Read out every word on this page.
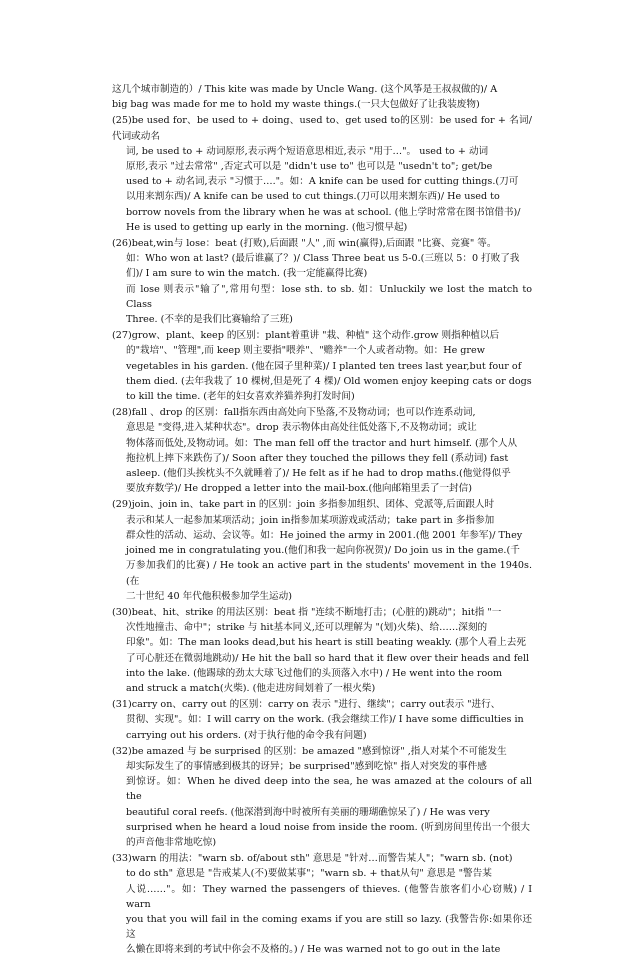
这几个城市制造的）/ This kite was made by Uncle Wang. (这个风筝是王叔叔做的)/ A
big bag was made for me to hold my waste things.(一只大包做好了让我装废物)
(25)be used for、be used to + doing、used to、get used to的区别：be used for + 名词/代词或动名
词, be used to + 动词原形,表示两个短语意思相近,表示 "用于…"。 used to + 动词
原形,表示 "过去常常" ,否定式可以是 "didn't use to" 也可以是 "usedn't to"; get/be
used to + 动名词,表示 "习惯于…."。如：A knife can be used for cutting things.(刀可
以用来割东西)/ A knife can be used to cut things.(刀可以用来割东西)/ He used to
borrow novels from the library when he was at school. (他上学时常常在图书馆借书)/
He is used to getting up early in the morning. (他习惯早起)
(26)beat,win与 lose：beat (打败),后面跟 "人" ,而 win(赢得),后面跟 "比赛、竞赛" 等。
如：Who won at last? (最后谁赢了？)/ Class Three beat us 5-0.(三班以 5：0 打败了我
们)/ I am sure to win the match. (我一定能赢得比赛)
而 lose 则表示"输了",常用句型：lose sth. to sb. 如：Unluckily we lost the match to Class
Three. (不幸的是我们比赛输给了三班)
(27)grow、plant、keep 的区别：plant着重讲 "栽、种植" 这个动作.grow 则指种植以后
的"栽培"、"管理",而 keep 则主要指"喂养"、"赡养"一个人或者动物。如：He grew
vegetables in his garden. (他在园子里种菜)/ I planted ten trees last year,but four of
them died. (去年我栽了 10 棵树,但是死了 4 棵)/ Old women enjoy keeping cats or dogs
to kill the time. (老年的妇女喜欢养猫养狗打发时间)
(28)fall 、drop 的区别：fall指东西由高处向下坠落,不及物动词；也可以作连系动词,
意思是 "变得,进入某种状态"。drop 表示物体由高处往低处落下,不及物动词；或让
物体落而低处,及物动词。如：The man fell off the tractor and hurt himself. (那个人从
拖拉机上摔下来跌伤了)/ Soon after they touched the pillows they fell (系动词) fast
asleep. (他们头挨枕头不久就睡着了)/ He felt as if he had to drop maths.(他觉得似乎
要放弃数学)/ He dropped a letter into the mail-box.(他向邮箱里丢了一封信)
(29)join、join in、take part in 的区别：join 多指参加组织、团体、党派等,后面跟人时
表示和某人一起参加某项活动；join in指参加某项游戏或活动；take part in 多指参加
群众性的活动、运动、会议等。如：He joined the army in 2001.(他 2001 年参军)/ They
joined me in congratulating you.(他们和我一起向你祝贺)/ Do join us in the game.(千
万参加我们的比赛) / He took an active part in the students' movement in the 1940s.(在
二十世纪 40 年代他积极参加学生运动)
(30)beat、hit、strike 的用法区别：beat 指 "连续不断地打击；(心脏的)跳动"；hit指 "一
次性地撞击、命中"；strike 与 hit基本同义,还可以理解为 "(划)火柴)、给……深刻的
印象"。如：The man looks dead,but his heart is still beating weakly. (那个人看上去死
了可心脏还在微弱地跳动)/ He hit the ball so hard that it flew over their heads and fell
into the lake. (他踢球的劲太大球飞过他们的头顶落入水中) / He went into the room
and struck a match(火柴). (他走进房间划着了一根火柴)
(31)carry on、carry out 的区别：carry on 表示 "进行、继续"；carry out表示 "进行、
贯彻、实现"。如：I will carry on the work. (我会继续工作)/ I have some difficulties in
carrying out his orders. (对于执行他的命令我有问题)
(32)be amazed 与 be surprised 的区别：be amazed "感到惊讶" ,指人对某个不可能发生
却实际发生了的事情感到极其的讶异；be surprised"感到吃惊" 指人对突发的事件感
到惊讶。如：When he dived deep into the sea, he was amazed at the colours of all the
beautiful coral reefs. (他深潜到海中时被所有美丽的珊瑚礁惊呆了) / He was very
surprised when he heard a loud noise from inside the room. (听到房间里传出一个很大
的声音他非常地吃惊)
(33)warn 的用法："warn sb. of/about sth" 意思是 "针对…而警告某人"；"warn sb. (not)
to do sth" 意思是 "告戒某人(不)要做某事"；"warn sb. + that从句" 意思是 "警告某
人说……"。如：They warned the passengers of thieves. (他警告旅客们小心窃贼) / I warn
you that you will fail in the coming exams if you are still so lazy. (我警告你:如果你还这
么懒在即将来到的考试中你会不及格的。) / He was warned not to go out in the late
